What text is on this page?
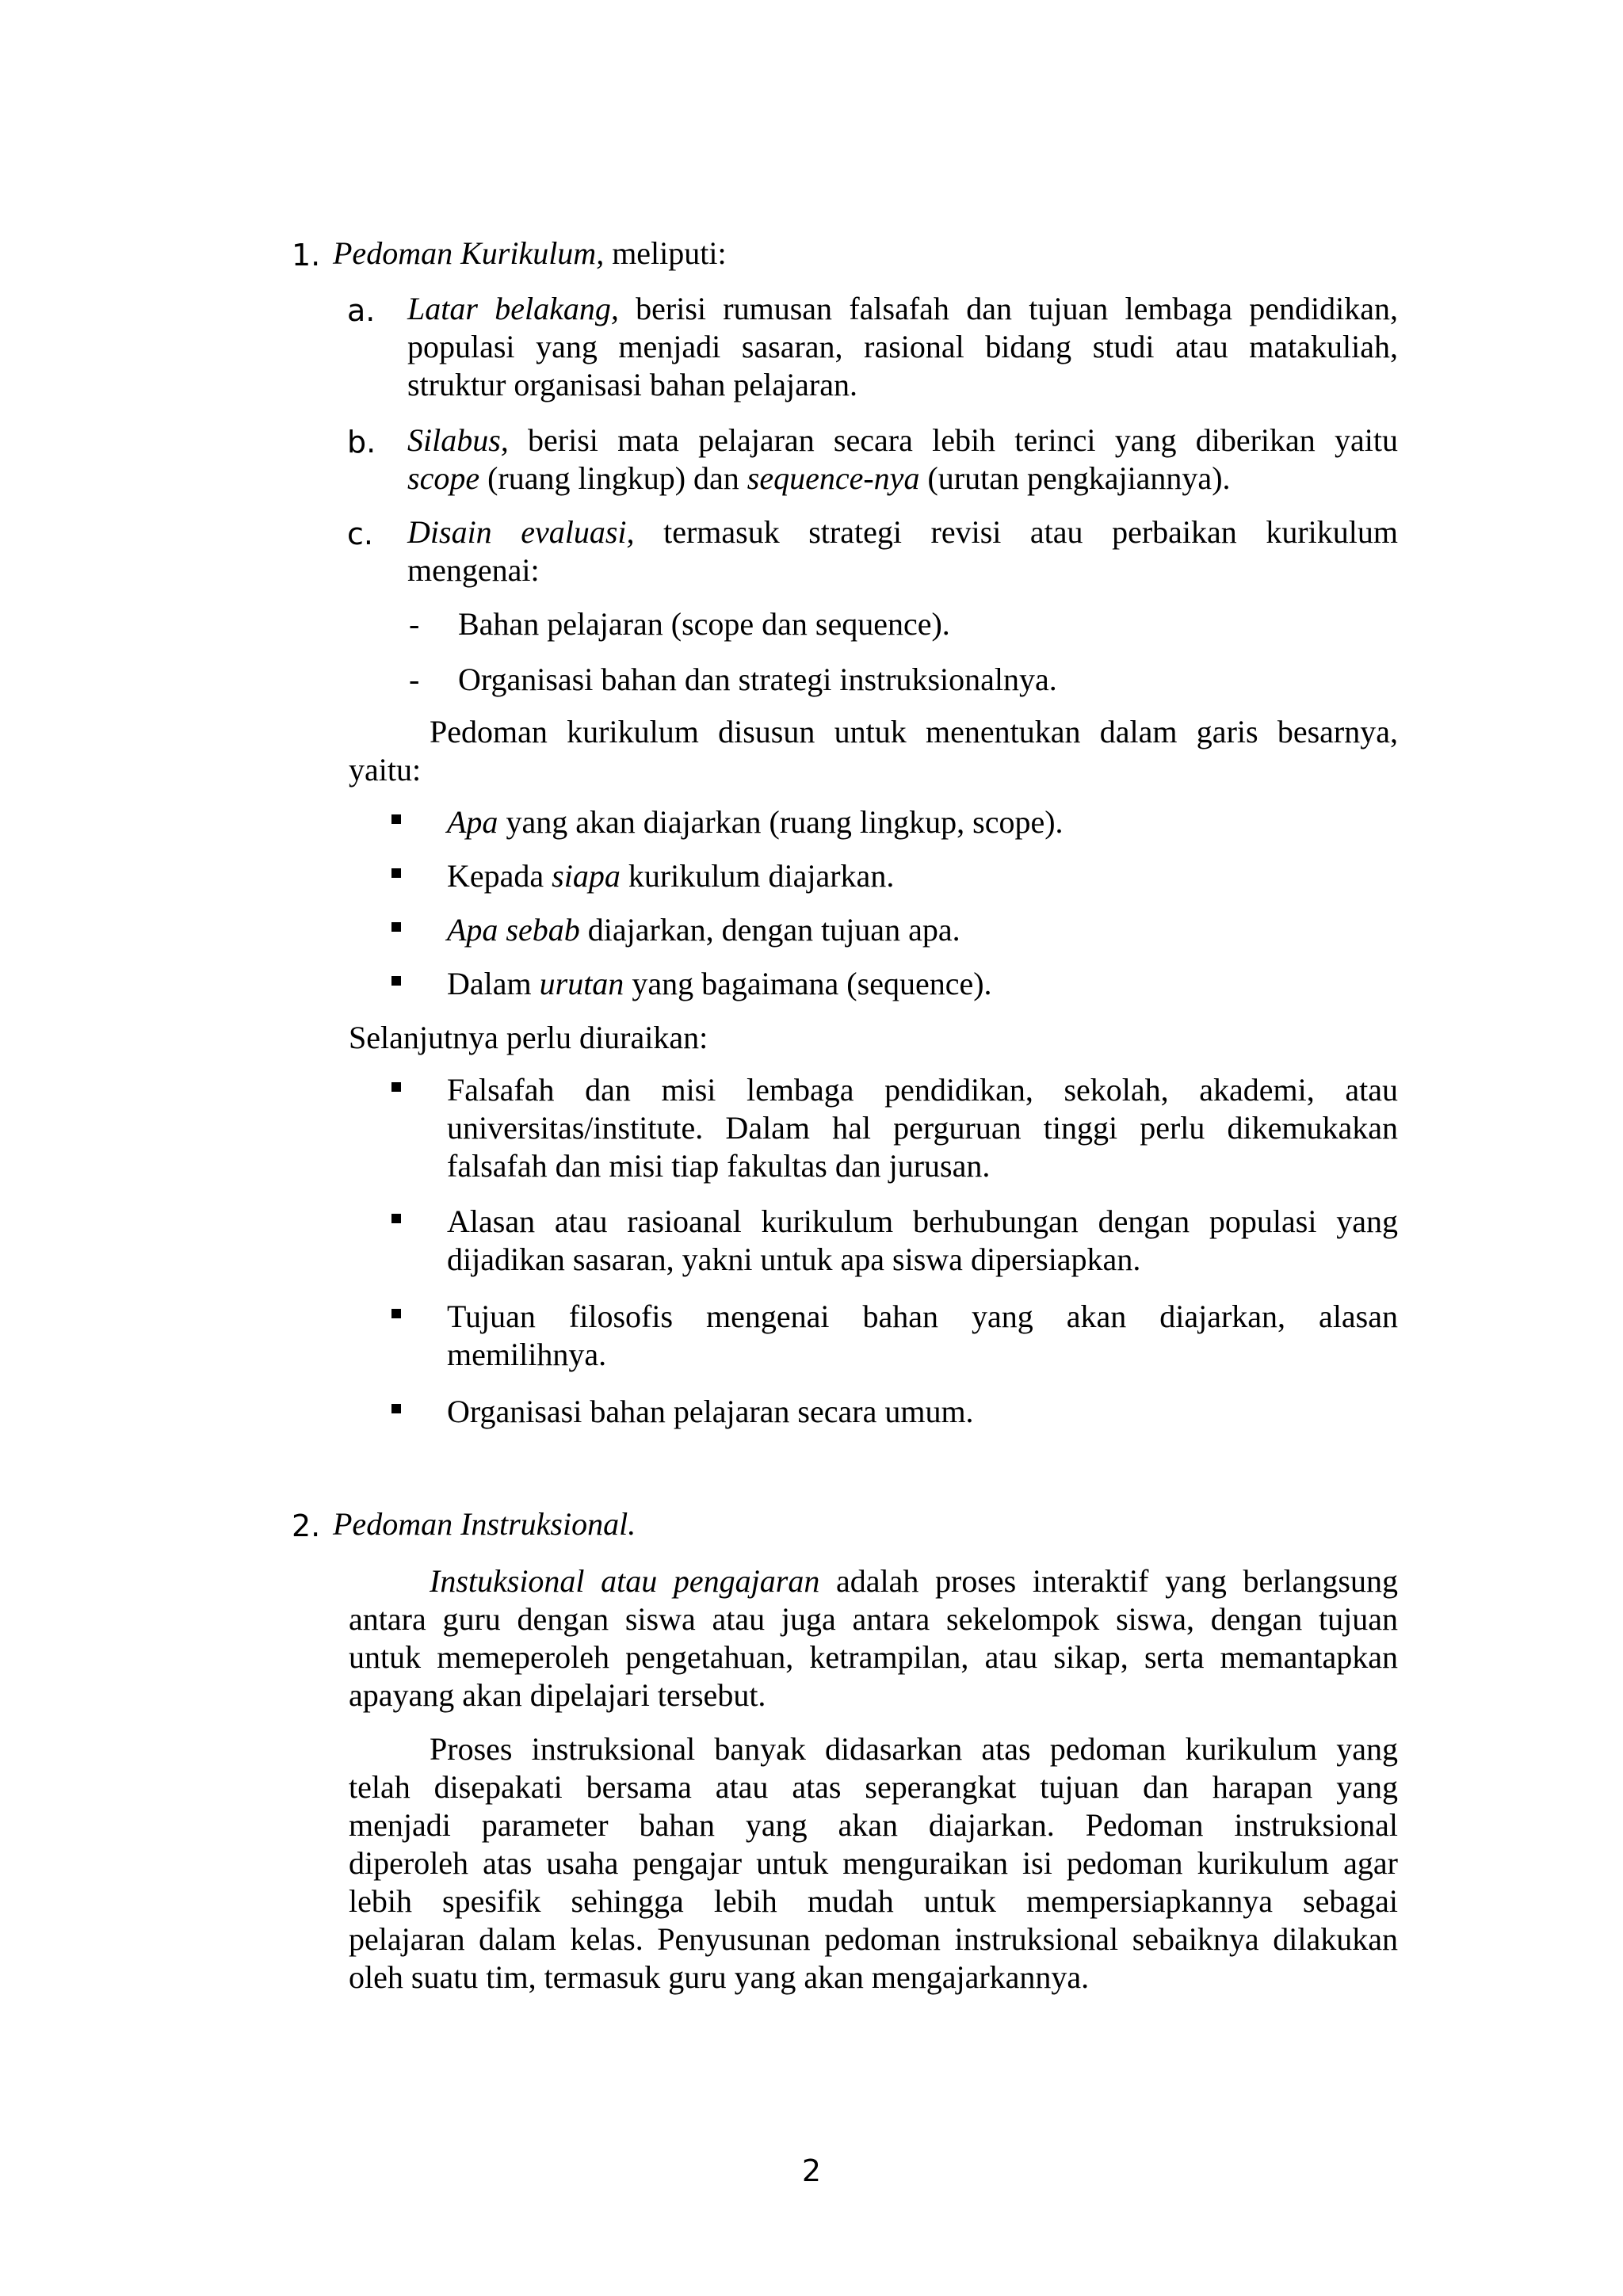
1. Pedoman Kurikulum, meliputi:
a. Latar belakang, berisi rumusan falsafah dan tujuan lembaga pendidikan,
populasi yang menjadi sasaran, rasional bidang studi atau matakuliah,
struktur organisasi bahan pelajaran.
b. Silabus, berisi mata pelajaran secara lebih terinci yang diberikan yaitu
scope (ruang lingkup) dan sequence-nya (urutan pengkajiannya).
c. Disain evaluasi, termasuk strategi revisi atau perbaikan kurikulum
mengenai:
- Bahan pelajaran (scope dan sequence).
- Organisasi bahan dan strategi instruksionalnya.
Pedoman kurikulum disusun untuk menentukan dalam garis besarnya,
yaitu:
Apa yang akan diajarkan (ruang lingkup, scope).
Kepada siapa kurikulum diajarkan.
Apa sebab diajarkan, dengan tujuan apa.
Dalam urutan yang bagaimana (sequence).
Selanjutnya perlu diuraikan:
Falsafah dan misi lembaga pendidikan, sekolah, akademi, atau
universitas/institute. Dalam hal perguruan tinggi perlu dikemukakan
falsafah dan misi tiap fakultas dan jurusan.
Alasan atau rasioanal kurikulum berhubungan dengan populasi yang
dijadikan sasaran, yakni untuk apa siswa dipersiapkan.
Tujuan filosofis mengenai bahan yang akan diajarkan, alasan
memilihnya.
Organisasi bahan pelajaran secara umum.
2. Pedoman Instruksional.
Instuksional atau pengajaran adalah proses interaktif yang berlangsung
antara guru dengan siswa atau juga antara sekelompok siswa, dengan tujuan
untuk memeperoleh pengetahuan, ketrampilan, atau sikap, serta memantapkan
apayang akan dipelajari tersebut.
Proses instruksional banyak didasarkan atas pedoman kurikulum yang
telah disepakati bersama atau atas seperangkat tujuan dan harapan yang
menjadi parameter bahan yang akan diajarkan. Pedoman instruksional
diperoleh atas usaha pengajar untuk menguraikan isi pedoman kurikulum agar
lebih spesifik sehingga lebih mudah untuk mempersiapkannya sebagai
pelajaran dalam kelas. Penyusunan pedoman instruksional sebaiknya dilakukan
oleh suatu tim, termasuk guru yang akan mengajarkannya.
2
